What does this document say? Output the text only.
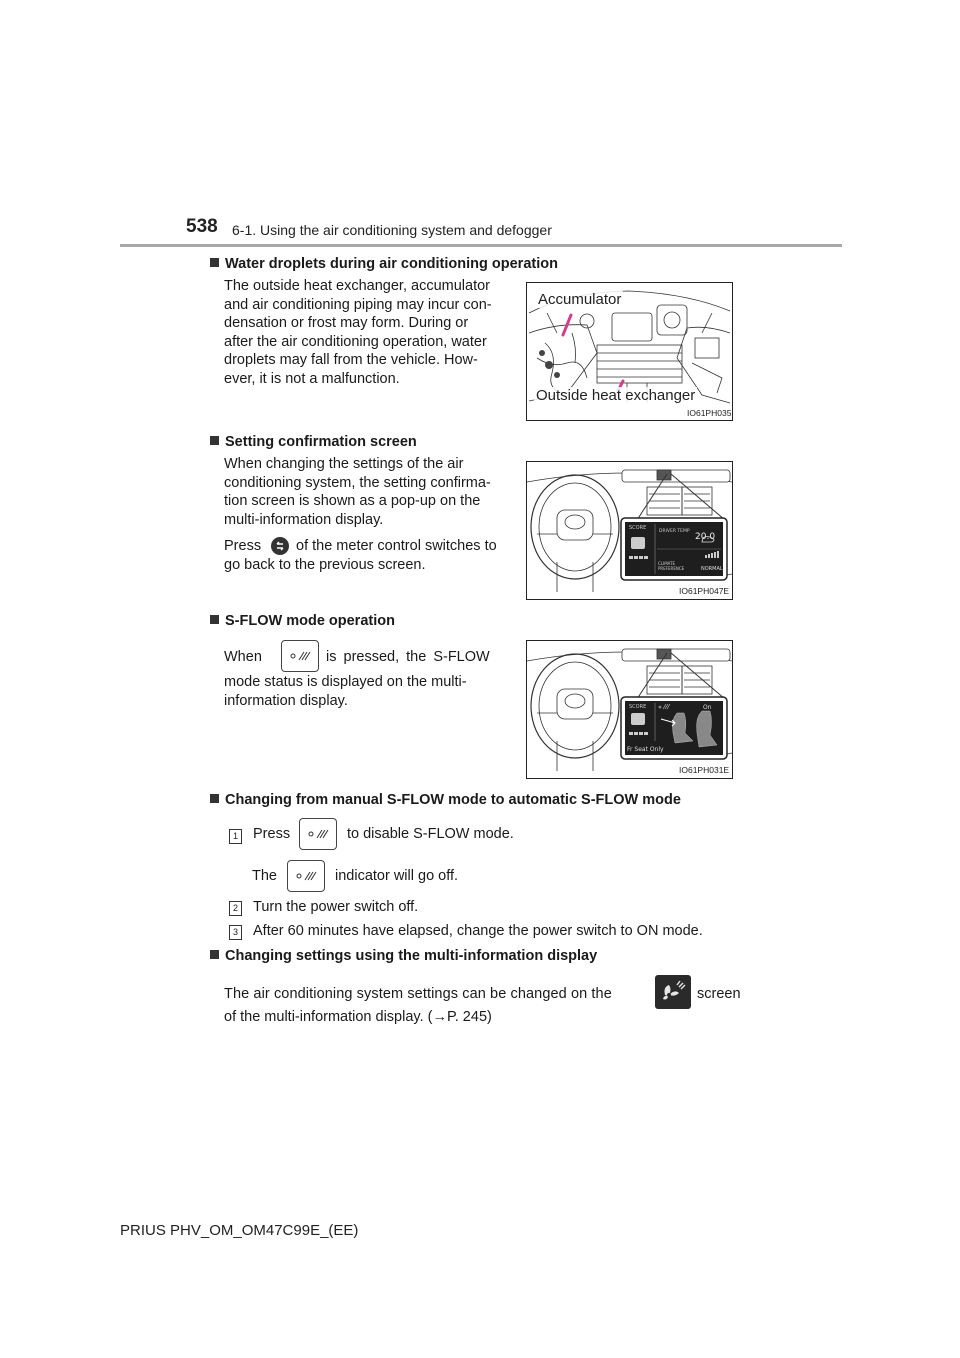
538 6-1. Using the air conditioning system and defogger
Water droplets during air conditioning operation
The outside heat exchanger, accumulator
and air conditioning piping may incur con-
densation or frost may form. During or
after the air conditioning operation, water
droplets may fall from the vehicle. How-
ever, it is not a malfunction.
Accumulator
Outside heat exchanger
IO61PH035
Setting confirmation screen
When changing the settings of the air
conditioning system, the setting confirma-
tion screen is shown as a pop-up on the
multi-information display.
Press of the meter control switches to
go back to the previous screen.
SCORE
DRIVER TEMP
20.0
CLIMATE
PREFERENCE	NORMAL
IO61PH047E
S-FLOW mode operation
When	is pressed, the S-FLOW
mode status is displayed on the multi-
information display.	SCORE	On
Fr Seat Only
IO61PH031E
Changing from manual S-FLOW mode to automatic S-FLOW mode
1 Press	to disable S-FLOW mode.
The	indicator will go off.
2 Turn the power switch off.
3 After 60 minutes have elapsed, change the power switch to ON mode.
Changing settings using the multi-information display
The air conditioning system settings can be changed on the	screen
of the multi-information display. (→P. 245)
PRIUS PHV_OM_OM47C99E_(EE)
